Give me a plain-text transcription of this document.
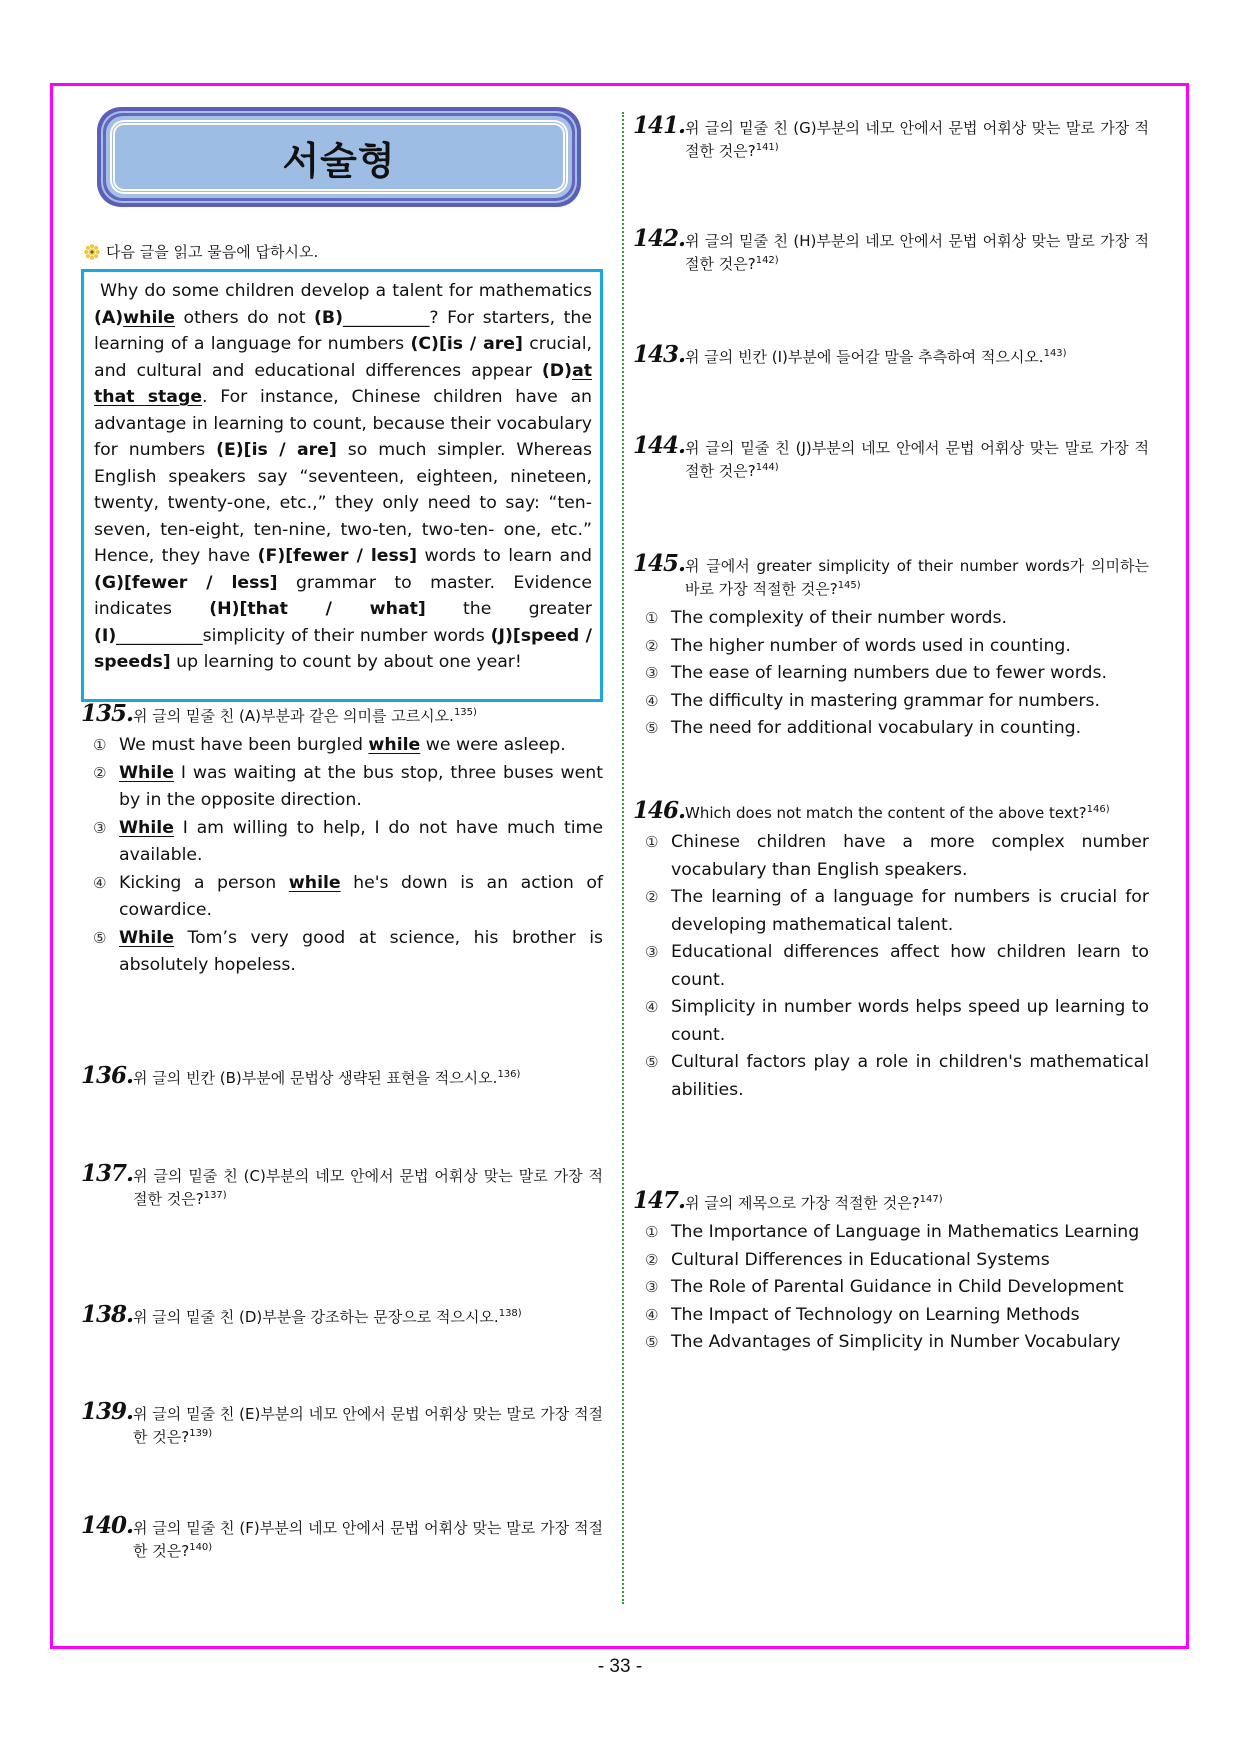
서술형
다음 글을 읽고 물음에 답하시오.
Why do some children develop a talent for mathematics (A)while others do not (B)__________? For starters, the learning of a language for numbers (C)[is / are] crucial, and cultural and educational differences appear (D)at that stage. For instance, Chinese children have an advantage in learning to count, because their vocabulary for numbers (E)[is / are] so much simpler. Whereas English speakers say “seventeen, eighteen, nineteen, twenty, twenty-one, etc.,” they only need to say: “ten-seven, ten-eight, ten-nine, two-ten, two-ten- one, etc.” Hence, they have (F)[fewer / less] words to learn and (G)[fewer / less] grammar to master. Evidence indicates (H)[that / what] the greater (I)__________simplicity of their number words (J)[speed / speeds] up learning to count by about one year!
135. 위 글의 밑줄 친 (A)부분과 같은 의미를 고르시오.$^{135)}$
① We must have been burgled while we were asleep.
② While I was waiting at the bus stop, three buses went by in the opposite direction.
③ While I am willing to help, I do not have much time available.
④ Kicking a person while he's down is an action of cowardice.
⑤ While Tom’s very good at science, his brother is absolutely hopeless.
136. 위 글의 빈칸 (B)부분에 문법상 생략된 표현을 적으시오.$^{136)}$
137. 위 글의 밑줄 친 (C)부분의 네모 안에서 문법 어휘상 맞는 말로 가장 적절한 것은?$^{137)}$
138. 위 글의 밑줄 친 (D)부분을 강조하는 문장으로 적으시오.$^{138)}$
139. 위 글의 밑줄 친 (E)부분의 네모 안에서 문법 어휘상 맞는 말로 가장 적절한 것은?$^{139)}$
140. 위 글의 밑줄 친 (F)부분의 네모 안에서 문법 어휘상 맞는 말로 가장 적절한 것은?$^{140)}$
141. 위 글의 밑줄 친 (G)부분의 네모 안에서 문법 어휘상 맞는 말로 가장 적절한 것은?$^{141)}$
142. 위 글의 밑줄 친 (H)부분의 네모 안에서 문법 어휘상 맞는 말로 가장 적절한 것은?$^{142)}$
143. 위 글의 빈칸 (I)부분에 들어갈 말을 추측하여 적으시오.$^{143)}$
144. 위 글의 밑줄 친 (J)부분의 네모 안에서 문법 어휘상 맞는 말로 가장 적절한 것은?$^{144)}$
145. 위 글에서 greater simplicity of their number words가 의미하는 바로 가장 적절한 것은?$^{145)}$
① The complexity of their number words.
② The higher number of words used in counting.
③ The ease of learning numbers due to fewer words.
④ The difficulty in mastering grammar for numbers.
⑤ The need for additional vocabulary in counting.
146. Which does not match the content of the above text?$^{146)}$
① Chinese children have a more complex number vocabulary than English speakers.
② The learning of a language for numbers is crucial for developing mathematical talent.
③ Educational differences affect how children learn to count.
④ Simplicity in number words helps speed up learning to count.
⑤ Cultural factors play a role in children's mathematical abilities.
147. 위 글의 제목으로 가장 적절한 것은?$^{147)}$
① The Importance of Language in Mathematics Learning
② Cultural Differences in Educational Systems
③ The Role of Parental Guidance in Child Development
④ The Impact of Technology on Learning Methods
⑤ The Advantages of Simplicity in Number Vocabulary
- 33 -
